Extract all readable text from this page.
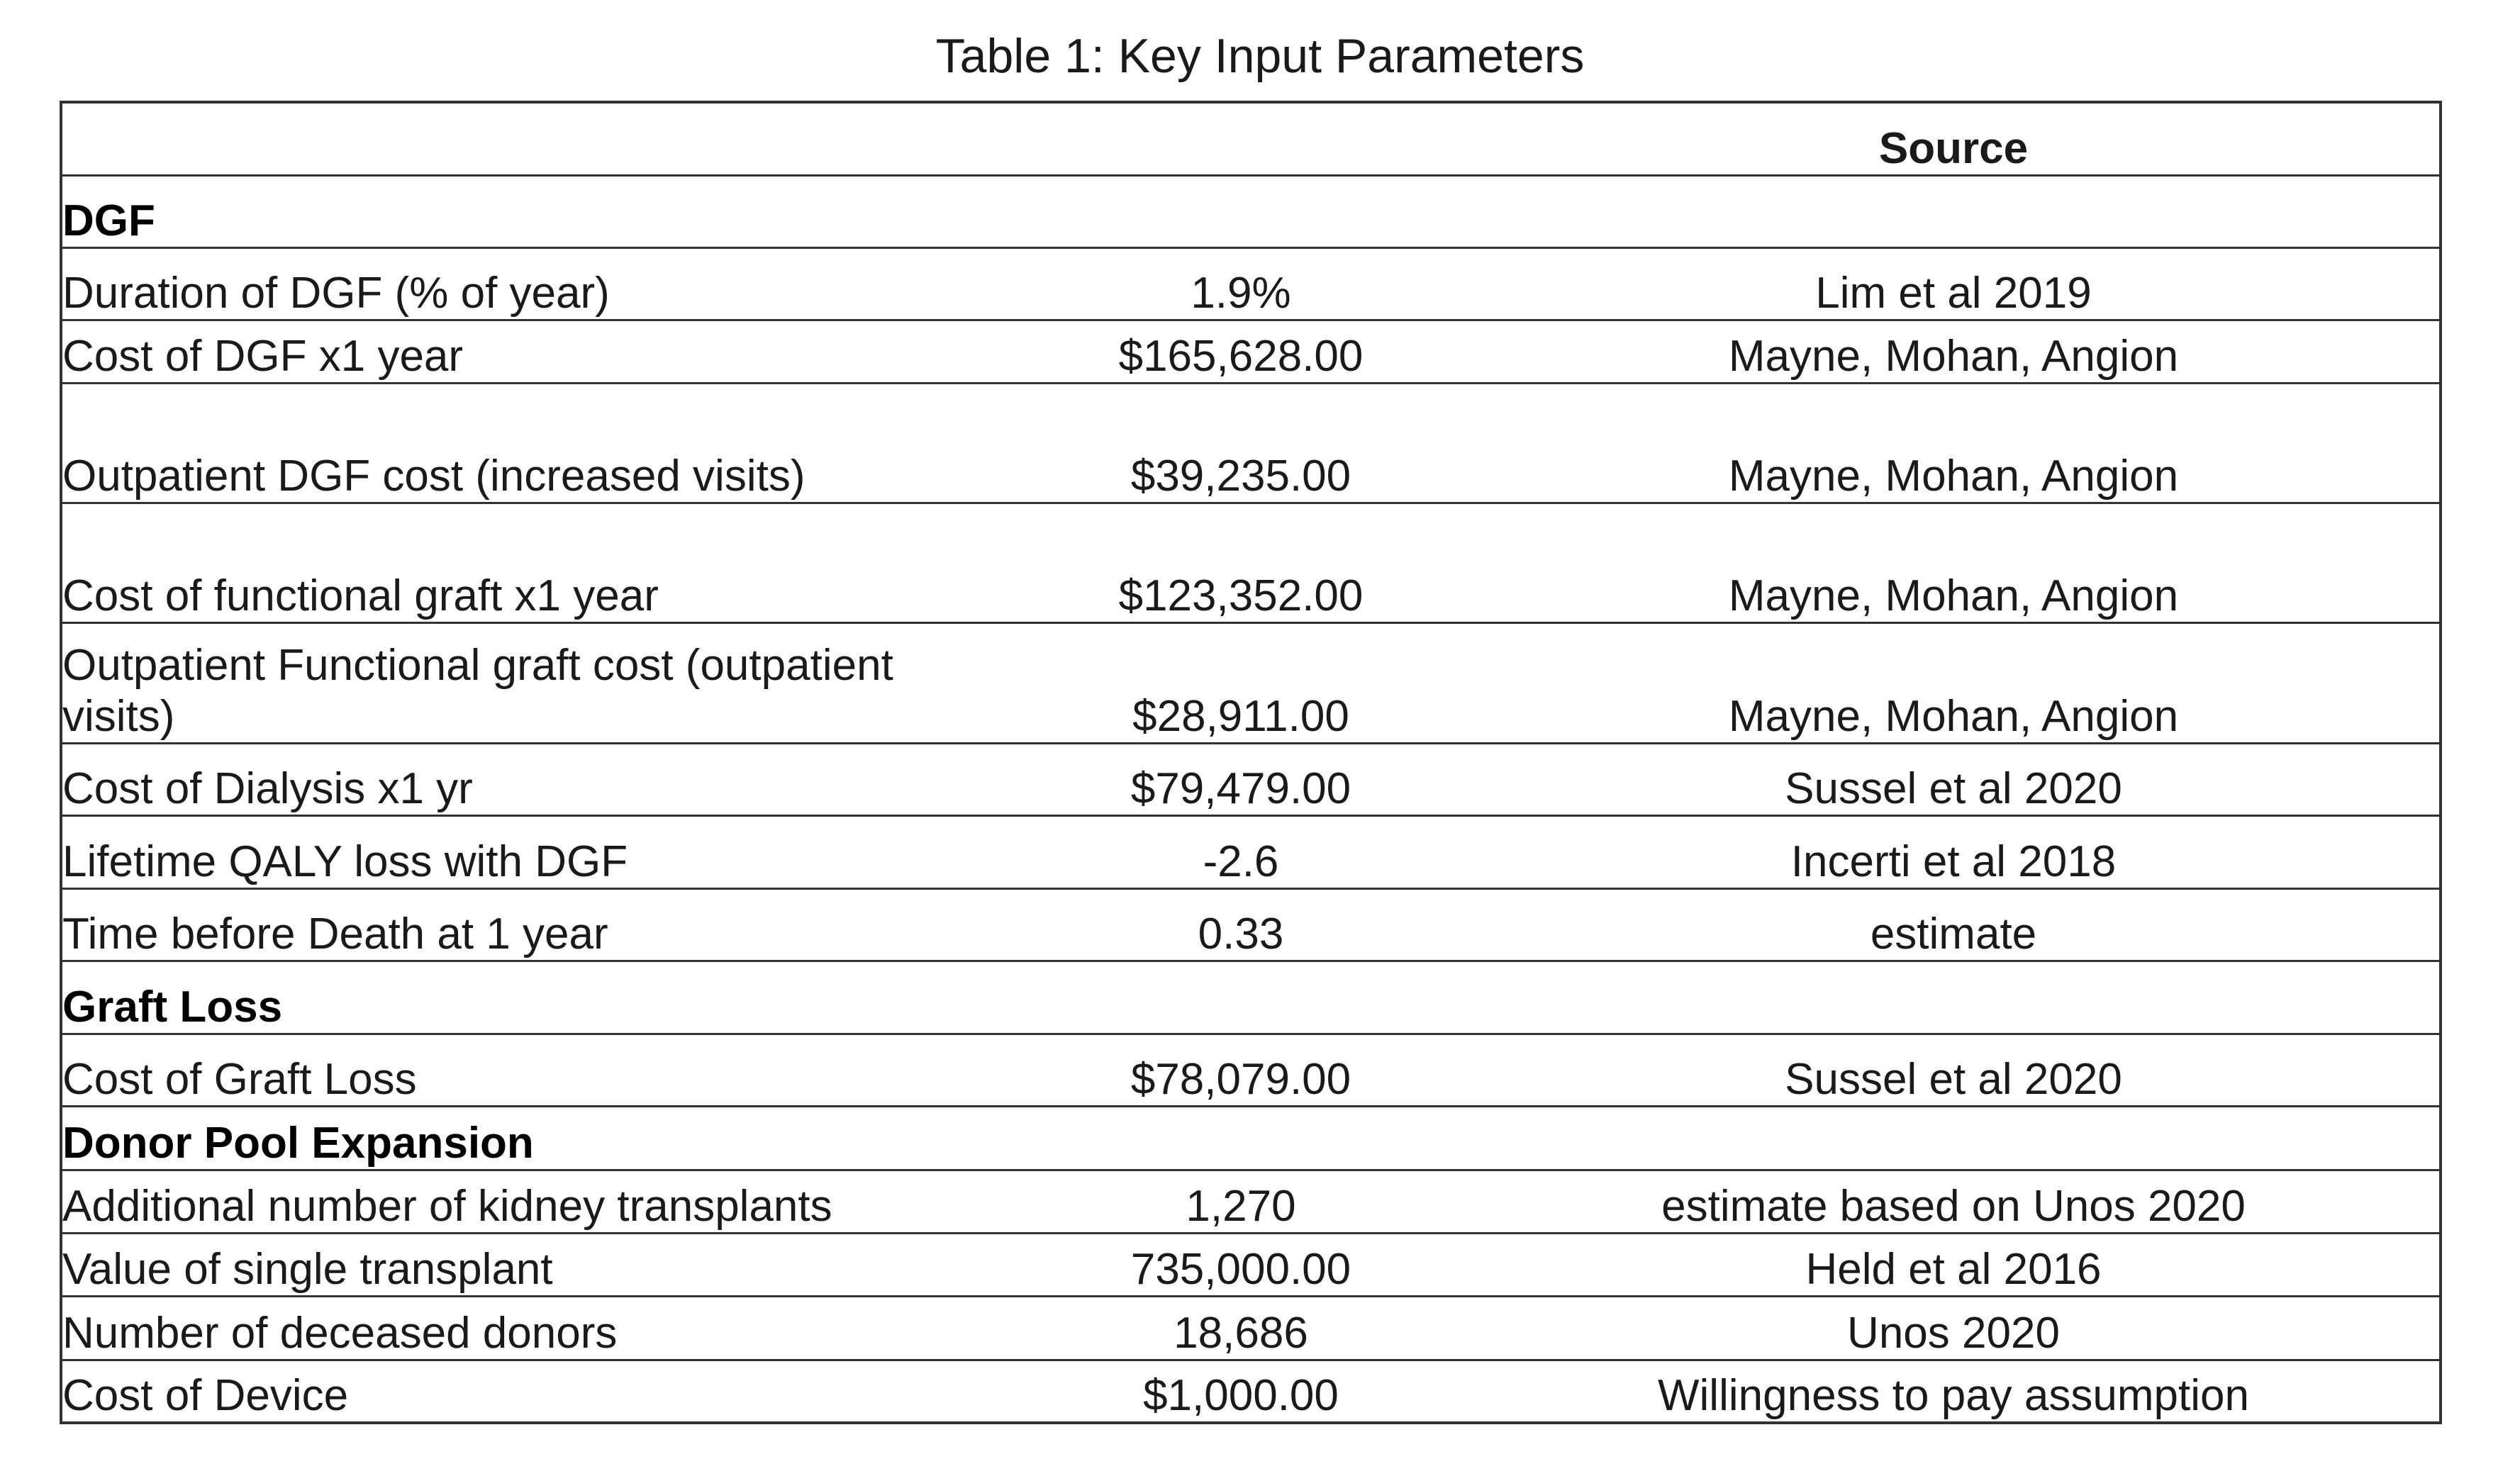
Table 1: Key Input Parameters
		Source
DGF		
Duration of DGF (% of year)	1.9%	Lim et al 2019
Cost of DGF x1 year	$165,628.00	Mayne, Mohan, Angion
Outpatient DGF cost (increased visits)	$39,235.00	Mayne, Mohan, Angion
Cost of functional graft x1 year	$123,352.00	Mayne, Mohan, Angion
Outpatient Functional graft cost (outpatient visits)	$28,911.00	Mayne, Mohan, Angion
Cost of Dialysis x1 yr	$79,479.00	Sussel et al 2020
Lifetime QALY loss with DGF	-2.6	Incerti et al 2018
Time before Death at 1 year	0.33	estimate
Graft Loss		
Cost of Graft Loss	$78,079.00	Sussel et al 2020
Donor Pool Expansion		
Additional number of kidney transplants	1,270	estimate based on Unos 2020
Value of single transplant	735,000.00	Held et al 2016
Number of deceased donors	18,686	Unos 2020
Cost of Device	$1,000.00	Willingness to pay assumption
